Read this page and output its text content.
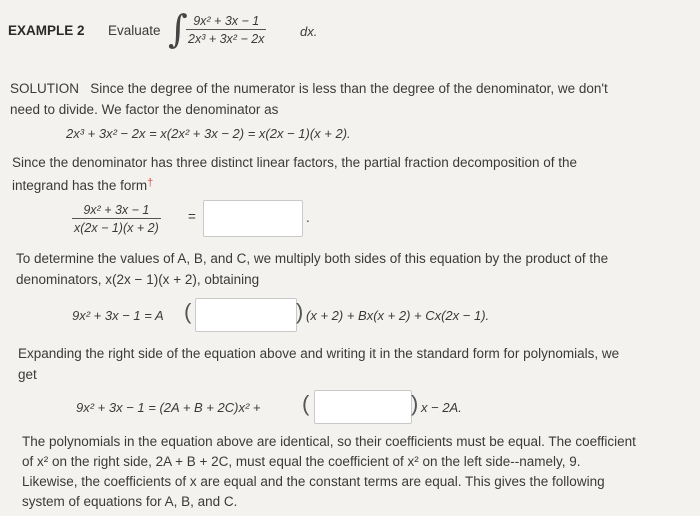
EXAMPLE 2 Evaluate ∫
$\frac{\text{9x² + 3x − 1}}{\text{2x³ + 3x² − 2x}}$	dx.
SOLUTION Since the degree of the numerator is less than the degree of the denominator, we don't
need to divide. We factor the denominator as
2x³ + 3x² − 2x = x(2x² + 3x − 2) = x(2x − 1)(x + 2).
Since the denominator has three distinct linear factors, the partial fraction decomposition of the
integrand has the form†
$\frac{\text{9x² + 3x − 1}}{x(2x - 1)(x + 2)}$ =	.
To determine the values of A, B, and C, we multiply both sides of this equation by the product of the
denominators, x(2x − 1)(x + 2), obtaining
9x² + 3x − 1 = A (	) (x + 2) + Bx(x + 2) + Cx(2x − 1).
Expanding the right side of the equation above and writing it in the standard form for polynomials, we
get
9x² + 3x − 1 = (2A + B + 2C)x² + (	) x − 2A.
The polynomials in the equation above are identical, so their coefficients must be equal. The coefficient
of x² on the right side, 2A + B + 2C, must equal the coefficient of x² on the left side--namely, 9.
Likewise, the coefficients of x are equal and the constant terms are equal. This gives the following
system of equations for A, B, and C.
